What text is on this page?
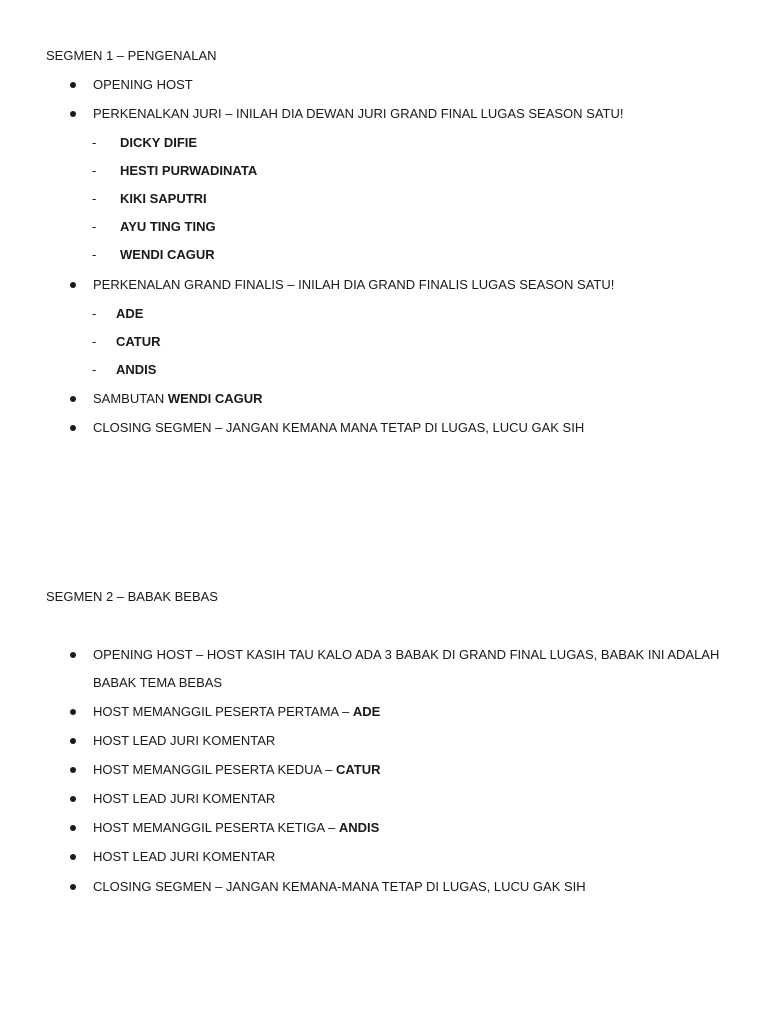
SEGMEN 1 – PENGENALAN
OPENING HOST
PERKENALKAN JURI – INILAH DIA DEWAN JURI GRAND FINAL LUGAS SEASON SATU!
- DICKY DIFIE
- HESTI PURWADINATA
- KIKI SAPUTRI
- AYU TING TING
- WENDI CAGUR
PERKENALAN GRAND FINALIS – INILAH DIA GRAND FINALIS LUGAS SEASON SATU!
- ADE
- CATUR
- ANDIS
SAMBUTAN WENDI CAGUR
CLOSING SEGMEN – JANGAN KEMANA MANA TETAP DI LUGAS, LUCU GAK SIH
SEGMEN 2 – BABAK BEBAS
OPENING HOST – HOST KASIH TAU KALO ADA 3 BABAK DI GRAND FINAL LUGAS, BABAK INI ADALAH
BABAK TEMA BEBAS
HOST MEMANGGIL PESERTA PERTAMA – ADE
HOST LEAD JURI KOMENTAR
HOST MEMANGGIL PESERTA KEDUA – CATUR
HOST LEAD JURI KOMENTAR
HOST MEMANGGIL PESERTA KETIGA – ANDIS
HOST LEAD JURI KOMENTAR
CLOSING SEGMEN – JANGAN KEMANA-MANA TETAP DI LUGAS, LUCU GAK SIH
